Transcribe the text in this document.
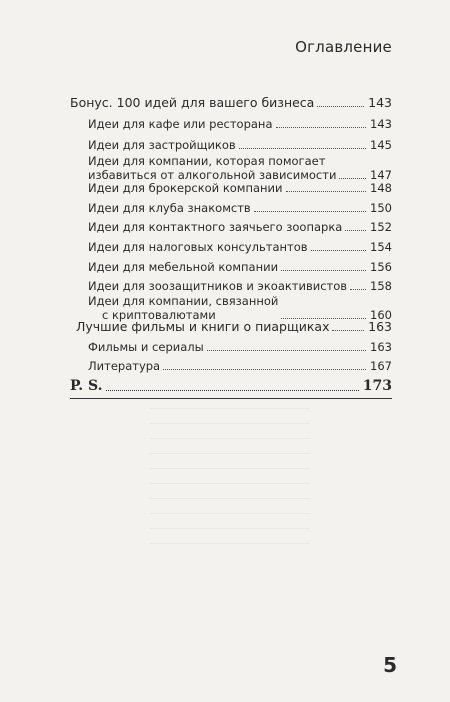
Оглавление
Бонус. 100 идей для вашего бизнеса	143
Идеи для кафе или ресторана	143
Идеи для застройщиков	145
Идеи для компании, которая помогает
избавиться от алкогольной зависимости	147
Идеи для брокерской компании	148
Идеи для клуба знакомств	150
Идеи для контактного заячьего зоопарка 152
Идеи для налоговых консультантов	154
Идеи для мебельной компании	156
Идеи для зоозащитников и экоактивистов 158
Идеи для компании, связанной
с криптовалютами	160
Лучшие фильмы и книги о пиарщиках	163
Фильмы и сериалы	163
Литература	167
P. S.	173
5
